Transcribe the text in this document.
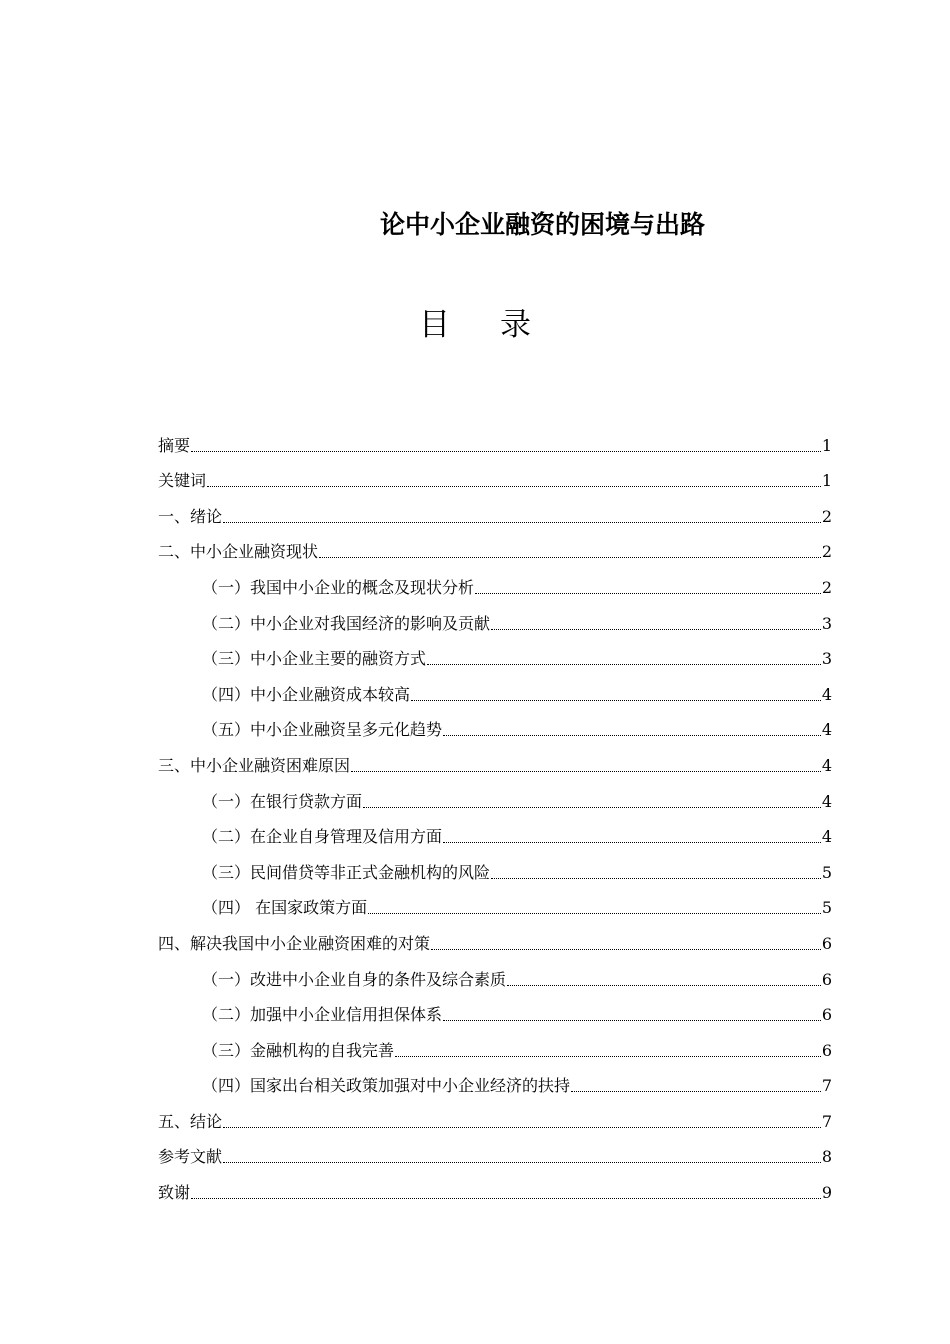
论中小企业融资的困境与出路
目 录
摘要	1
关键词	1
一、绪论	2
二、中小企业融资现状	2
（一）我国中小企业的概念及现状分析	2
（二）中小企业对我国经济的影响及贡献	3
（三）中小企业主要的融资方式	3
（四）中小企业融资成本较高	4
（五）中小企业融资呈多元化趋势	4
三、中小企业融资困难原因	4
（一）在银行贷款方面	4
（二）在企业自身管理及信用方面	4
（三）民间借贷等非正式金融机构的风险	5
（四） 在国家政策方面	5
四、解决我国中小企业融资困难的对策	6
（一）改进中小企业自身的条件及综合素质	6
（二）加强中小企业信用担保体系	6
（三）金融机构的自我完善	6
（四）国家出台相关政策加强对中小企业经济的扶持	7
五、结论	7
参考文献	8
致谢	9
